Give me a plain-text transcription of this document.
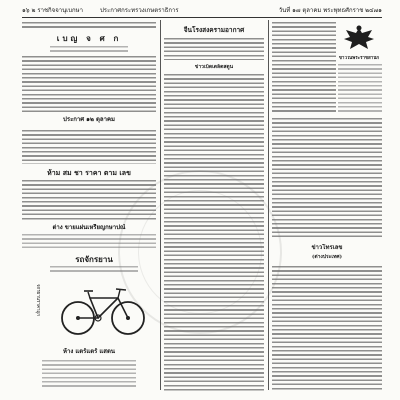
๑๖ ๒ ราชกิจจานุเบกษา	ประกาศกระทรวงเกษตราธิการ	วันที่ ๑๗ ตุลาคม พระพุทธศักราช ๒๔๗๑
เบญ จ ศ ก
ประกาศ ๑๒ ตุลาคม
ห้าม สม ชา ราคา ตาม เลข
ต่าง ขายแผ่นเหรียญกษาปณ์
รถจักรยาน
จักรยานราคาถูก
ห้าง แตร์แตร์ แสตน
จีนโรงสงครามอากาศ
ข่าวเบ็ดเตล็ดสดูน
ข่าวในพระราชสำนัก
ข่าวโทรเลข
(ต่างประเทศ)
